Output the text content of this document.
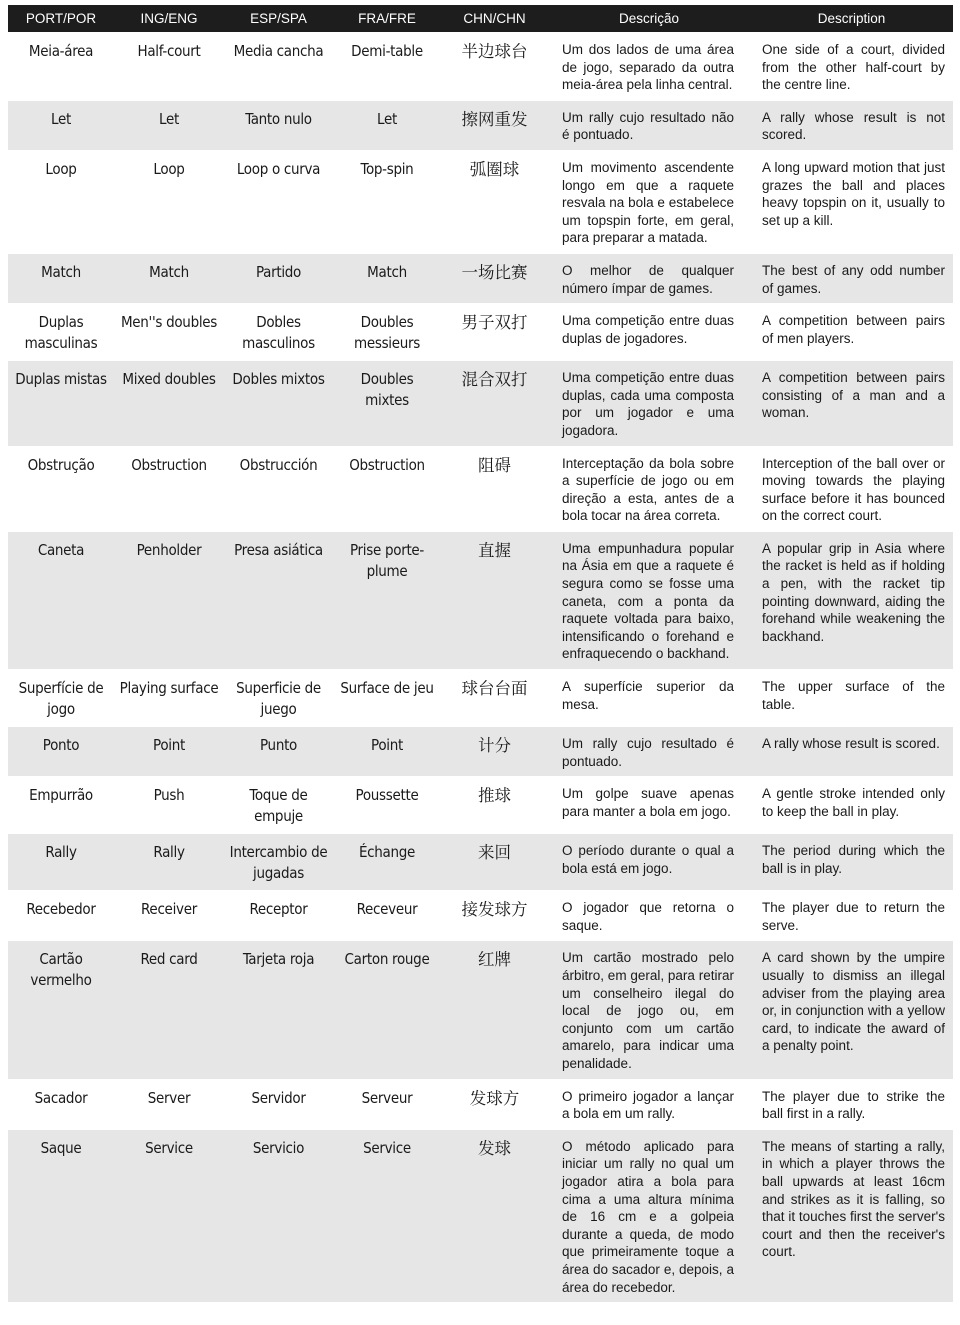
PORT/POR	ING/ENG	ESP/SPA	FRA/FRE	CHN/CHN	Descrição	Description
Meia-área	Half-court	Media cancha	Demi-table	半边球台	Um dos lados de uma área de jogo, separado da outra meia-área pela linha central.	One side of a court, divided from the other half-court by the centre line.
Let	Let	Tanto nulo	Let	擦网重发	Um rally cujo resultado não é pontuado.	A rally whose result is not scored.
Loop	Loop	Loop o curva	Top-spin	弧圈球	Um movimento ascendente longo em que a raquete resvala na bola e estabelece um topspin forte, em geral, para preparar a matada.	A long upward motion that just grazes the ball and places heavy topspin on it, usually to set up a kill.
Match	Match	Partido	Match	一场比赛	O melhor de qualquer número ímpar de games.	The best of any odd number of games.
Duplas masculinas	Men''s doubles	Dobles masculinos	Doubles messieurs	男子双打	Uma competição entre duas duplas de jogadores.	A competition between pairs of men players.
Duplas mistas	Mixed doubles	Dobles mixtos	Doubles mixtes	混合双打	Uma competição entre duas duplas, cada uma composta por um jogador e uma jogadora.	A competition between pairs consisting of a man and a woman.
Obstrução	Obstruction	Obstrucción	Obstruction	阻碍	Interceptação da bola sobre a superfície de jogo ou em direção a esta, antes de a bola tocar na área correta.	Interception of the ball over or moving towards the playing surface before it has bounced on the correct court.
Caneta	Penholder	Presa asiática	Prise porte-plume	直握	Uma empunhadura popular na Ásia em que a raquete é segura como se fosse uma caneta, com a ponta da raquete voltada para baixo, intensificando o forehand e enfraquecendo o backhand.	A popular grip in Asia where the racket is held as if holding a pen, with the racket tip pointing downward, aiding the forehand while weakening the backhand.
Superfície de jogo	Playing surface	Superficie de juego	Surface de jeu	球台台面	A superfície superior da mesa.	The upper surface of the table.
Ponto	Point	Punto	Point	计分	Um rally cujo resultado é pontuado.	A rally whose result is scored.
Empurrão	Push	Toque de empuje	Poussette	推球	Um golpe suave apenas para manter a bola em jogo.	A gentle stroke intended only to keep the ball in play.
Rally	Rally	Intercambio de jugadas	Échange	来回	O período durante o qual a bola está em jogo.	The period during which the ball is in play.
Recebedor	Receiver	Receptor	Receveur	接发球方	O jogador que retorna o saque.	The player due to return the serve.
Cartão vermelho	Red card	Tarjeta roja	Carton rouge	红牌	Um cartão mostrado pelo árbitro, em geral, para retirar um conselheiro ilegal do local de jogo ou, em conjunto com um cartão amarelo, para indicar uma penalidade.	A card shown by the umpire usually to dismiss an illegal adviser from the playing area or, in conjunction with a yellow card, to indicate the award of a penalty point.
Sacador	Server	Servidor	Serveur	发球方	O primeiro jogador a lançar a bola em um rally.	The player due to strike the ball first in a rally.
Saque	Service	Servicio	Service	发球	O método aplicado para iniciar um rally no qual um jogador atira a bola para cima a uma altura mínima de 16 cm e a golpeia durante a queda, de modo que primeiramente toque a área do sacador e, depois, a área do recebedor.	The means of starting a rally, in which a player throws the ball upwards at least 16cm and strikes as it is falling, so that it touches first the server's court and then the receiver's court.
